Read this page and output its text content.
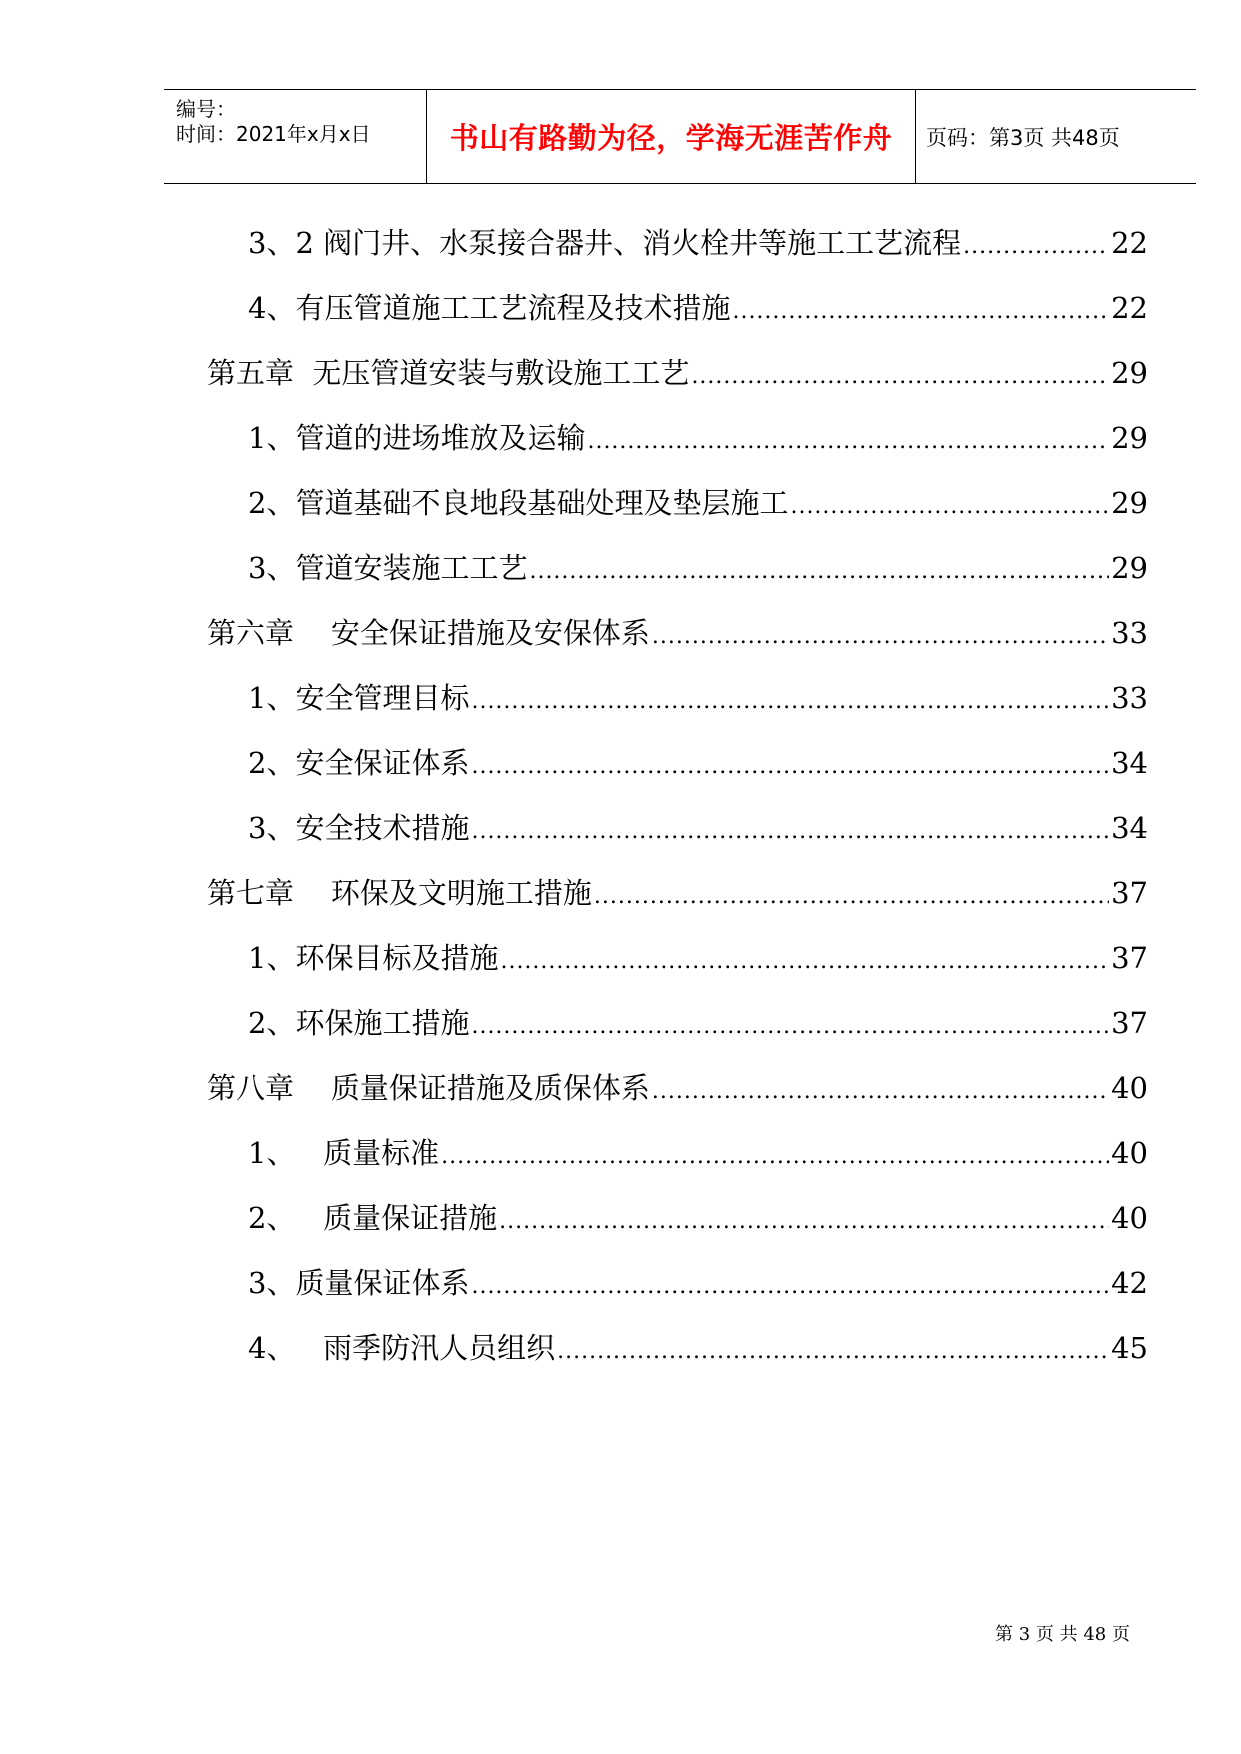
编号：
时间：2021年x月x日	书山有路勤为径，学海无涯苦作舟 页码：第3页 共48页
3、2 阀门井、水泵接合器井、消火栓井等施工工艺流程 .....	22
4、有压管道施工工艺流程及技术措施 .....	22
第五章  无压管道安装与敷设施工工艺 .....	29
1、管道的进场堆放及运输 .....	29
2、管道基础不良地段基础处理及垫层施工 .....	29
3、管道安装施工工艺 .....	29
第六章    安全保证措施及安保体系 .....	33
1、安全管理目标 .....	33
2、安全保证体系 .....	34
3、安全技术措施 .....	34
第七章    环保及文明施工措施 .....	37
1、环保目标及措施 .....	37
2、环保施工措施 .....	37
第八章    质量保证措施及质保体系 .....	40
1、   质量标准 .....	40
2、   质量保证措施 .....	40
3、质量保证体系 .....	42
4、   雨季防汛人员组织 .....	45
第 3 页 共 48 页
